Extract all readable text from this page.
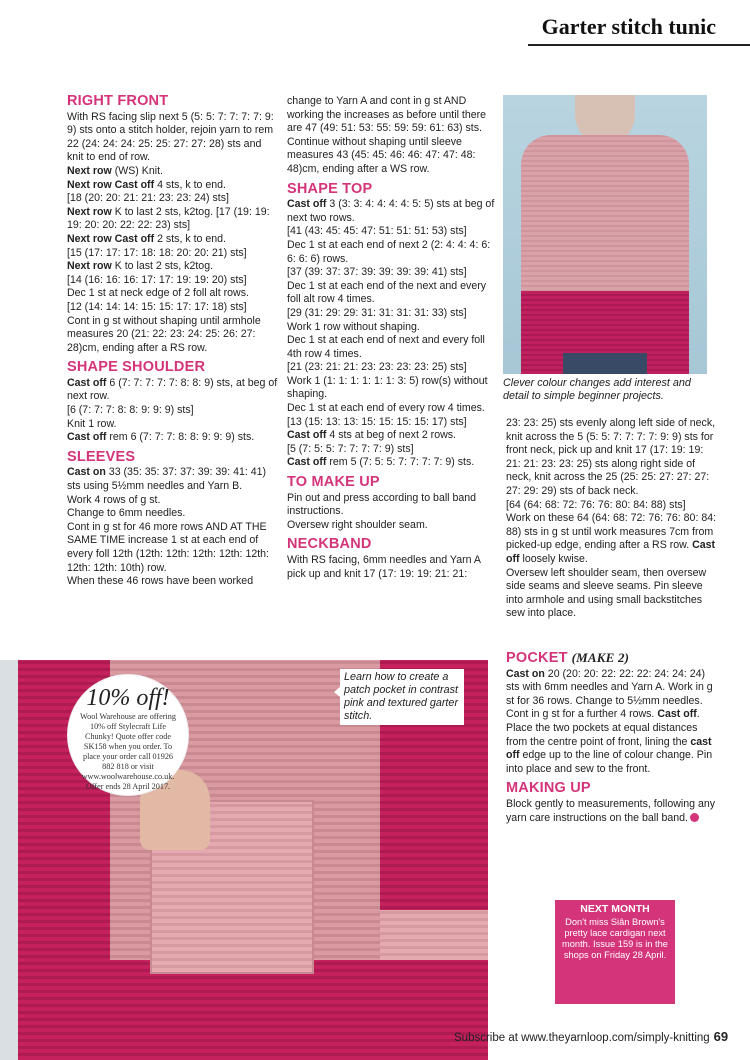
Garter stitch tunic
RIGHT FRONT

With RS facing slip next 5 (5: 5: 7: 7: 7: 7: 9: 9) sts onto a stitch holder, rejoin yarn to rem 22 (24: 24: 24: 25: 25: 27: 27: 28) sts and knit to end of row.

Next row (WS) Knit.

Next row Cast off 4 sts, k to end.

[18 (20: 20: 21: 21: 23: 23: 24) sts]

Next row K to last 2 sts, k2tog. [17 (19: 19: 19: 20: 20: 22: 22: 23) sts]

Next row Cast off 2 sts, k to end.

[15 (17: 17: 17: 18: 18: 20: 20: 21) sts]

Next row K to last 2 sts, k2tog.

[14 (16: 16: 16: 17: 17: 19: 19: 20) sts]

Dec 1 st at neck edge of 2 foll alt rows.

[12 (14: 14: 14: 15: 15: 17: 17: 18) sts]

Cont in g st without shaping until armhole measures 20 (21: 22: 23: 24: 25: 26: 27: 28)cm, ending after a RS row.

SHAPE SHOULDER

Cast off 6 (7: 7: 7: 7: 7: 8: 8: 9) sts, at beg of next row.

[6 (7: 7: 7: 8: 8: 9: 9: 9) sts]

Knit 1 row.

Cast off rem 6 (7: 7: 7: 8: 8: 9: 9: 9) sts.

SLEEVES

Cast on 33 (35: 35: 37: 37: 39: 39: 41: 41) sts using 5½mm needles and Yarn B.

Work 4 rows of g st.

Change to 6mm needles.

Cont in g st for 46 more rows AND AT THE SAME TIME increase 1 st at each end of every foll 12th (12th: 12th: 12th: 12th: 12th: 12th: 12th: 10th) row.

When these 46 rows have been worked

change to Yarn A and cont in g st AND working the increases as before until there are 47 (49: 51: 53: 55: 59: 59: 61: 63) sts.

Continue without shaping until sleeve measures 43 (45: 45: 46: 46: 47: 47: 48: 48)cm, ending after a WS row.

SHAPE TOP

Cast off 3 (3: 3: 4: 4: 4: 4: 5: 5) sts at beg of next two rows.

[41 (43: 45: 45: 47: 51: 51: 51: 53) sts]

Dec 1 st at each end of next 2 (2: 4: 4: 4: 6: 6: 6: 6) rows.

[37 (39: 37: 37: 39: 39: 39: 39: 41) sts]

Dec 1 st at each end of the next and every foll alt row 4 times.

[29 (31: 29: 29: 31: 31: 31: 31: 33) sts]

Work 1 row without shaping.

Dec 1 st at each end of next and every foll 4th row 4 times.

[21 (23: 21: 21: 23: 23: 23: 23: 25) sts]

Work 1 (1: 1: 1: 1: 1: 1: 3: 5) row(s) without shaping.

Dec 1 st at each end of every row 4 times.

[13 (15: 13: 13: 15: 15: 15: 15: 17) sts]

Cast off 4 sts at beg of next 2 rows.

[5 (7: 5: 5: 7: 7: 7: 7: 9) sts]

Cast off rem 5 (7: 5: 5: 7: 7: 7: 7: 9) sts.

TO MAKE UP

Pin out and press according to ball band instructions.

Oversew right shoulder seam.

NECKBAND

With RS facing, 6mm needles and Yarn A pick up and knit 17 (17: 19: 19: 21: 21:

Clever colour changes add interest and detail to simple beginner projects.

23: 23: 25) sts evenly along left side of neck, knit across the 5 (5: 5: 7: 7: 7: 7: 9: 9) sts for front neck, pick up and knit 17 (17: 19: 19: 21: 21: 23: 23: 25) sts along right side of neck, knit across the 25 (25: 25: 27: 27: 27: 27: 29: 29) sts of back neck.

[64 (64: 68: 72: 76: 76: 80: 84: 88) sts]

Work on these 64 (64: 68: 72: 76: 76: 80: 84: 88) sts in g st until work measures 7cm from picked-up edge, ending after a RS row. Cast off loosely kwise.

Oversew left shoulder seam, then oversew side seams and sleeve seams. Pin sleeve into armhole and using small backstitches sew into place.

POCKET (MAKE 2)

Cast on 20 (20: 20: 22: 22: 22: 24: 24: 24) sts with 6mm needles and Yarn A. Work in g st for 36 rows. Change to 5½mm needles. Cont in g st for a further 4 rows. Cast off.

Place the two pockets at equal distances from the centre point of front, lining the cast off edge up to the line of colour change. Pin into place and sew to the front.

MAKING UP

Block gently to measurements, following any yarn care instructions on the ball band.

10% off!
Wool Warehouse are offering 10% off Stylecraft Life Chunky! Quote offer code SK158 when you order. To place your order call 01926 882 818 or visit www.woolwarehouse.co.uk. Offer ends 28 April 2017.
Learn how to create a patch pocket in contrast pink and textured garter stitch.
NEXT MONTH
Don't miss Siân Brown's pretty lace cardigan next month. Issue 159 is in the shops on Friday 28 April.
Subscribe at www.theyarnloop.com/simply-knitting 69
